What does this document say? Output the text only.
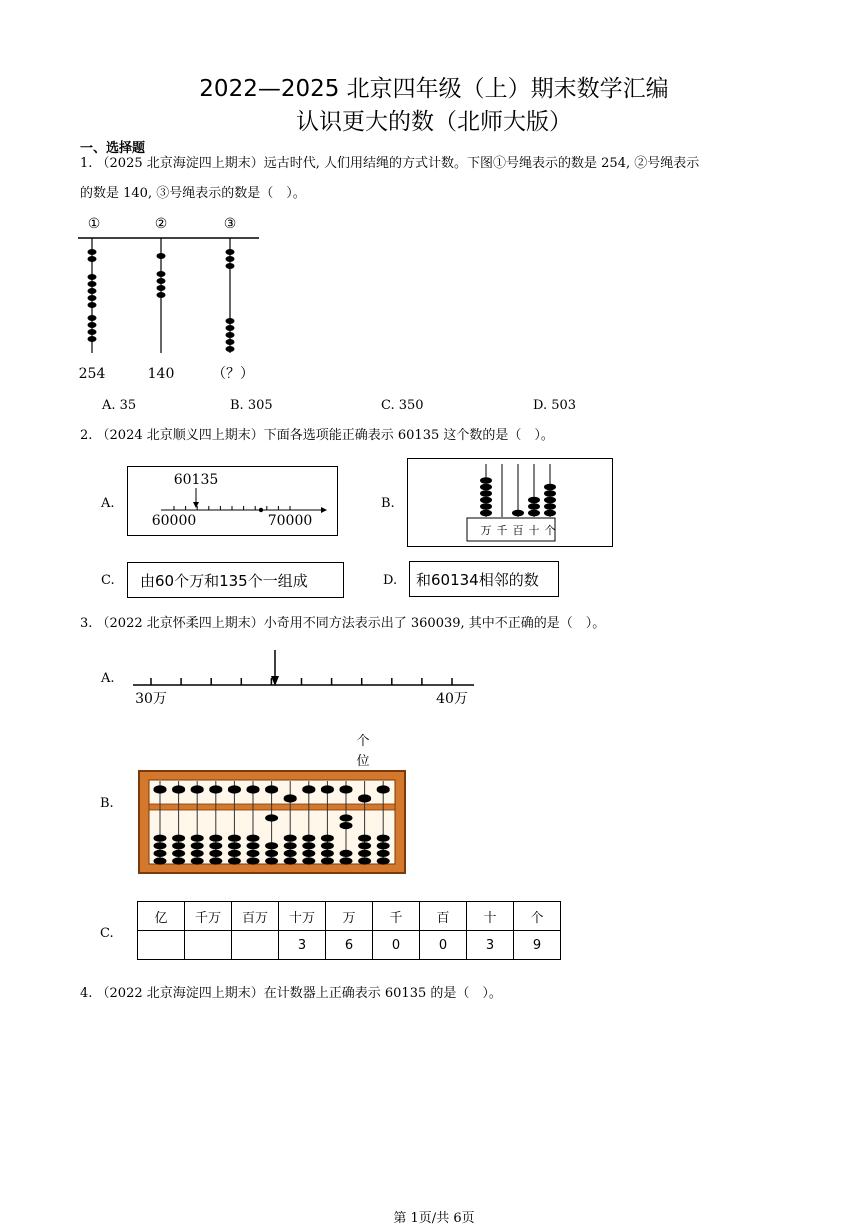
2022—2025 北京四年级（上）期末数学汇编
认识更大的数（北师大版）
一、选择题
1. （2025 北京海淀四上期末）远古时代, 人们用结绳的方式计数。下图①号绳表示的数是 254, ②号绳表示
的数是 140, ③号绳表示的数是（　）。
①	②	③
254	140	（？）
A. 35	B. 305	C. 350	D. 503
2. （2024 北京顺义四上期末）下面各选项能正确表示 60135 这个数的是（　）。
A.
60135
60000	70000
B.
万 千 百 十 个
C. 由60个万和135个一组成	D. 和60134相邻的数
3. （2022 北京怀柔四上期末）小奇用不同方法表示出了 360039, 其中不正确的是（　）。
A.
30万	40万
B.
个
位
C.
亿	千万	百万	十万	万	千	百	十	个
			3	6	0	0	3	9
4. （2022 北京海淀四上期末）在计数器上正确表示 60135 的是（　）。
第 1页/共 6页
